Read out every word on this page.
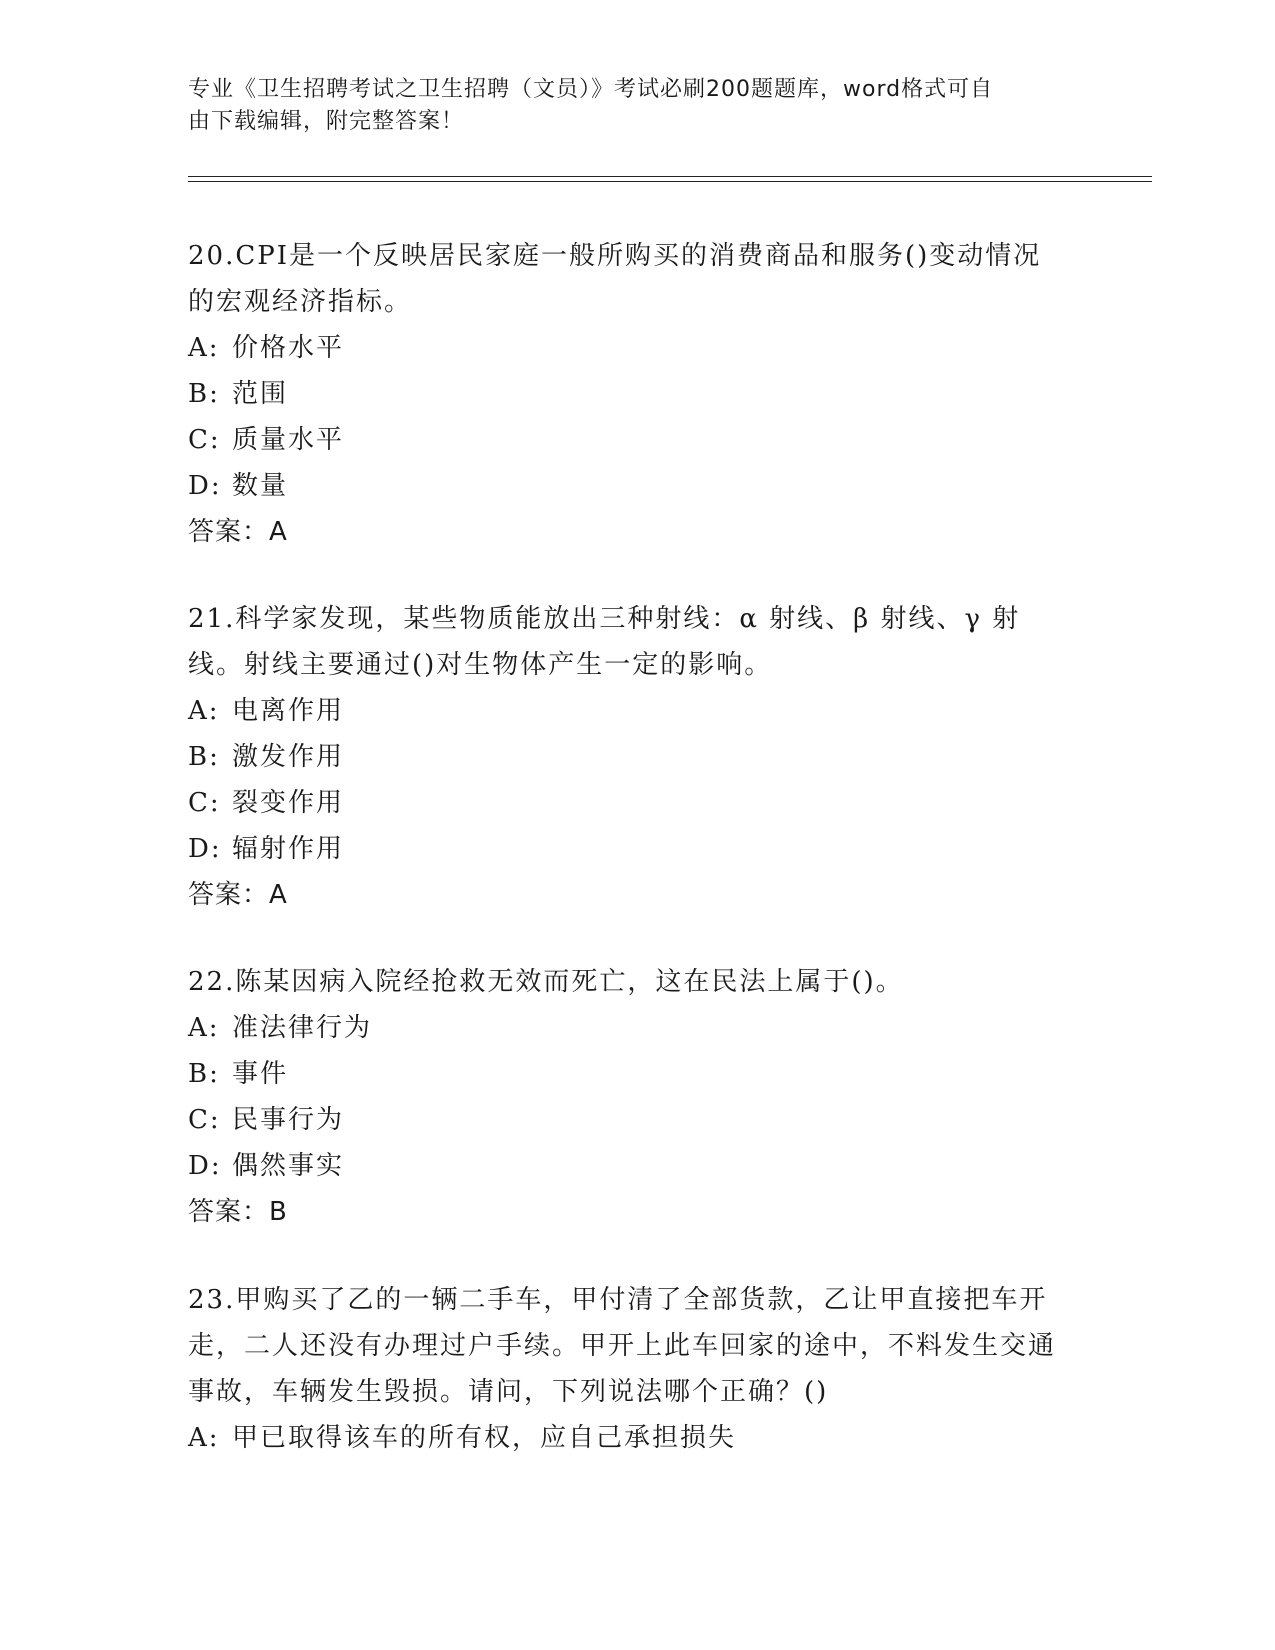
专业《卫生招聘考试之卫生招聘（文员）》考试必刷200题题库，word格式可自
由下载编辑，附完整答案！

20.CPI是一个反映居民家庭一般所购买的消费商品和服务()变动情况的宏观经济指标。

A: 价格水平

B: 范围

C: 质量水平

D: 数量

答案：A

21.科学家发现，某些物质能放出三种射线：α 射线、β 射线、γ 射线。射线主要通过()对生物体产生一定的影响。

A: 电离作用

B: 激发作用

C: 裂变作用

D: 辐射作用

答案：A

22.陈某因病入院经抢救无效而死亡，这在民法上属于()。

A: 准法律行为

B: 事件

C: 民事行为

D: 偶然事实

答案：B

23.甲购买了乙的一辆二手车，甲付清了全部货款，乙让甲直接把车开走，二人还没有办理过户手续。甲开上此车回家的途中，不料发生交通事故，车辆发生毁损。请问，下列说法哪个正确？()

A: 甲已取得该车的所有权，应自己承担损失
